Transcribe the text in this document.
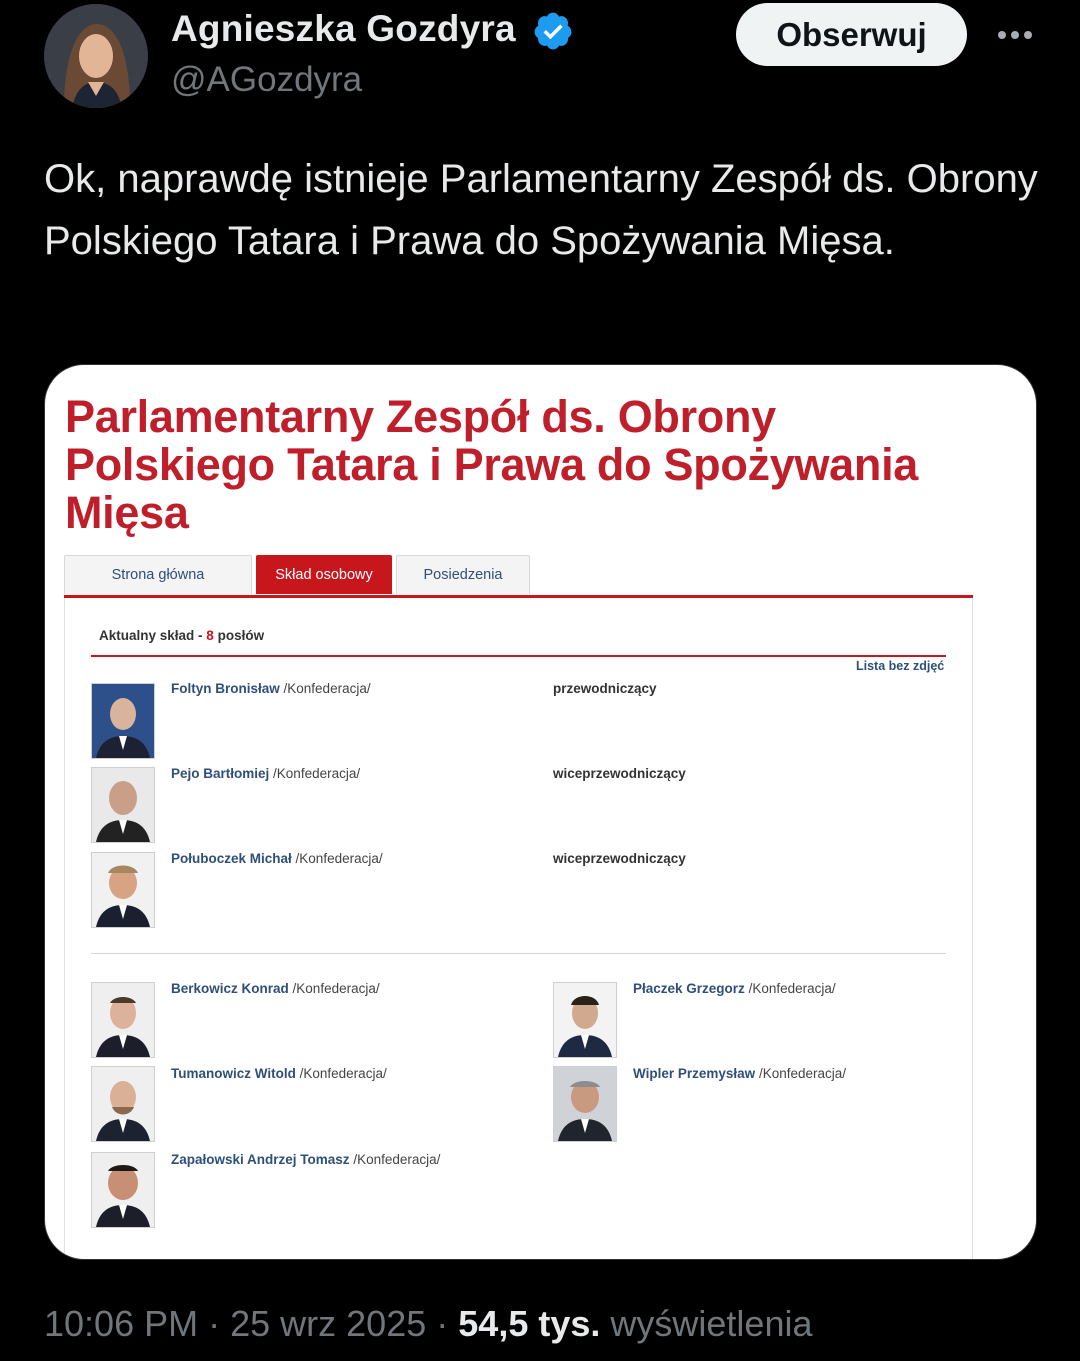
Agnieszka Gozdyra
@AGozdyra
Obserwuj
Ok, naprawdę istnieje Parlamentarny Zespół ds. Obrony Polskiego Tatara i Prawa do Spożywania Mięsa.
Parlamentarny Zespół ds. Obrony Polskiego Tatara i Prawa do Spożywania Mięsa
Strona główna	Skład osobowy	Posiedzenia
Aktualny skład - 8 posłów
Lista bez zdjęć
Foltyn Bronisław /Konfederacja/	przewodniczący
Pejo Bartłomiej /Konfederacja/	wiceprzewodniczący
Połuboczek Michał /Konfederacja/	wiceprzewodniczący
Berkowicz Konrad /Konfederacja/	Płaczek Grzegorz /Konfederacja/
Tumanowicz Witold /Konfederacja/	Wipler Przemysław /Konfederacja/
Zapałowski Andrzej Tomasz /Konfederacja/
10:06 PM · 25 wrz 2025 · 54,5 tys. wyświetlenia
